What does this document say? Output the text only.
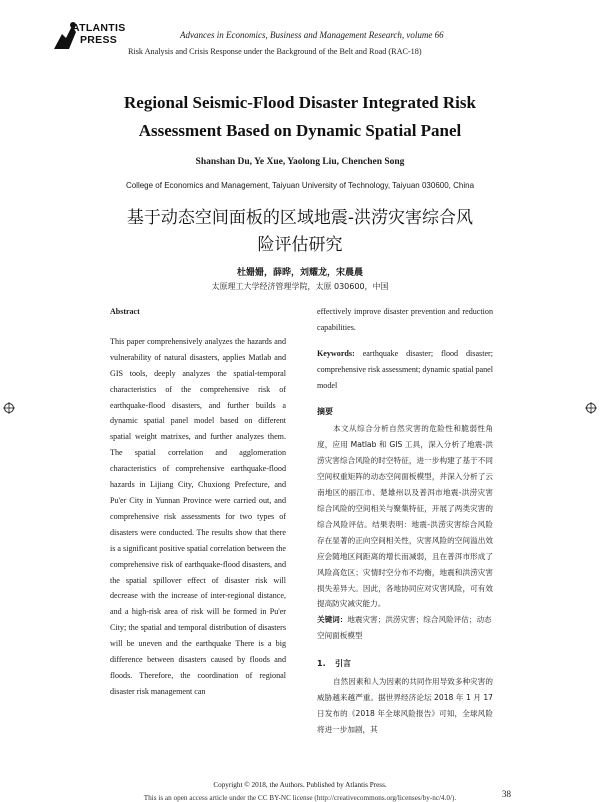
ATLANTIS
PRESS	Advances in Economics, Business and Management Research, volume 66
Risk Analysis and Crisis Response under the Background of the Belt and Road (RAC-18)
Regional Seismic-Flood Disaster Integrated Risk
Assessment Based on Dynamic Spatial Panel
Shanshan Du, Ye Xue, Yaolong Liu, Chenchen Song
College of Economics and Management, Taiyuan University of Technology, Taiyuan 030600, China
基于动态空间面板的区域地震-洪涝灾害综合风
险评估研究
杜姗姗，薛晔，刘耀龙，宋晨晨
太原理工大学经济管理学院，太原 030600，中国
Abstract
This paper comprehensively analyzes the hazards and vulnerability of natural disasters, applies Matlab and GIS tools, deeply analyzes the spatial-temporal characteristics of the comprehensive risk of earthquake-flood disasters, and further builds a dynamic spatial panel model based on different spatial weight matrixes, and further analyzes them. The spatial correlation and agglomeration characteristics of comprehensive earthquake-flood hazards in Lijiang City, Chuxiong Prefecture, and Pu'er City in Yunnan Province were carried out, and comprehensive risk assessments for two types of disasters were conducted. The results show that there is a significant positive spatial correlation between the comprehensive risk of earthquake-flood disasters, and the spatial spillover effect of disaster risk will decrease with the increase of inter-regional distance, and a high-risk area of risk will be formed in Pu'er City; the spatial and temporal distribution of disasters will be uneven and the earthquake There is a big difference between disasters caused by floods and floods. Therefore, the coordination of regional disaster risk management can
effectively improve disaster prevention and reduction capabilities.
Keywords: earthquake disaster; flood disaster; comprehensive risk assessment; dynamic spatial panel model
摘要
本文从综合分析自然灾害的危险性和脆弱性角度，应用 Matlab 和 GIS 工具，深入分析了地震-洪涝灾害综合风险的时空特征，进一步构建了基于不同空间权重矩阵的动态空间面板模型，并深入分析了云南地区的丽江市、楚雄州以及普洱市地震-洪涝灾害综合风险的空间相关与聚集特征，开展了两类灾害的综合风险评估。结果表明：地震-洪涝灾害综合风险存在显著的正向空间相关性，灾害风险的空间溢出效应会随地区间距离的增长而减弱，且在普洱市形成了风险高危区；灾情时空分布不均衡，地震和洪涝灾害损失差异大。因此，各地协同应对灾害风险，可有效提高防灾减灾能力。
关键词：地震灾害；洪涝灾害；综合风险评估；动态空间面板模型
1. 引言
自然因素和人为因素的共同作用导致多种灾害的威胁越来越严重。据世界经济论坛 2018 年 1 月 17 日发布的《2018 年全球风险报告》可知，全球风险将进一步加剧，其
Copyright © 2018, the Authors. Published by Atlantis Press.
This is an open access article under the CC BY-NC license (http://creativecommons.org/licenses/by-nc/4.0/).	38
